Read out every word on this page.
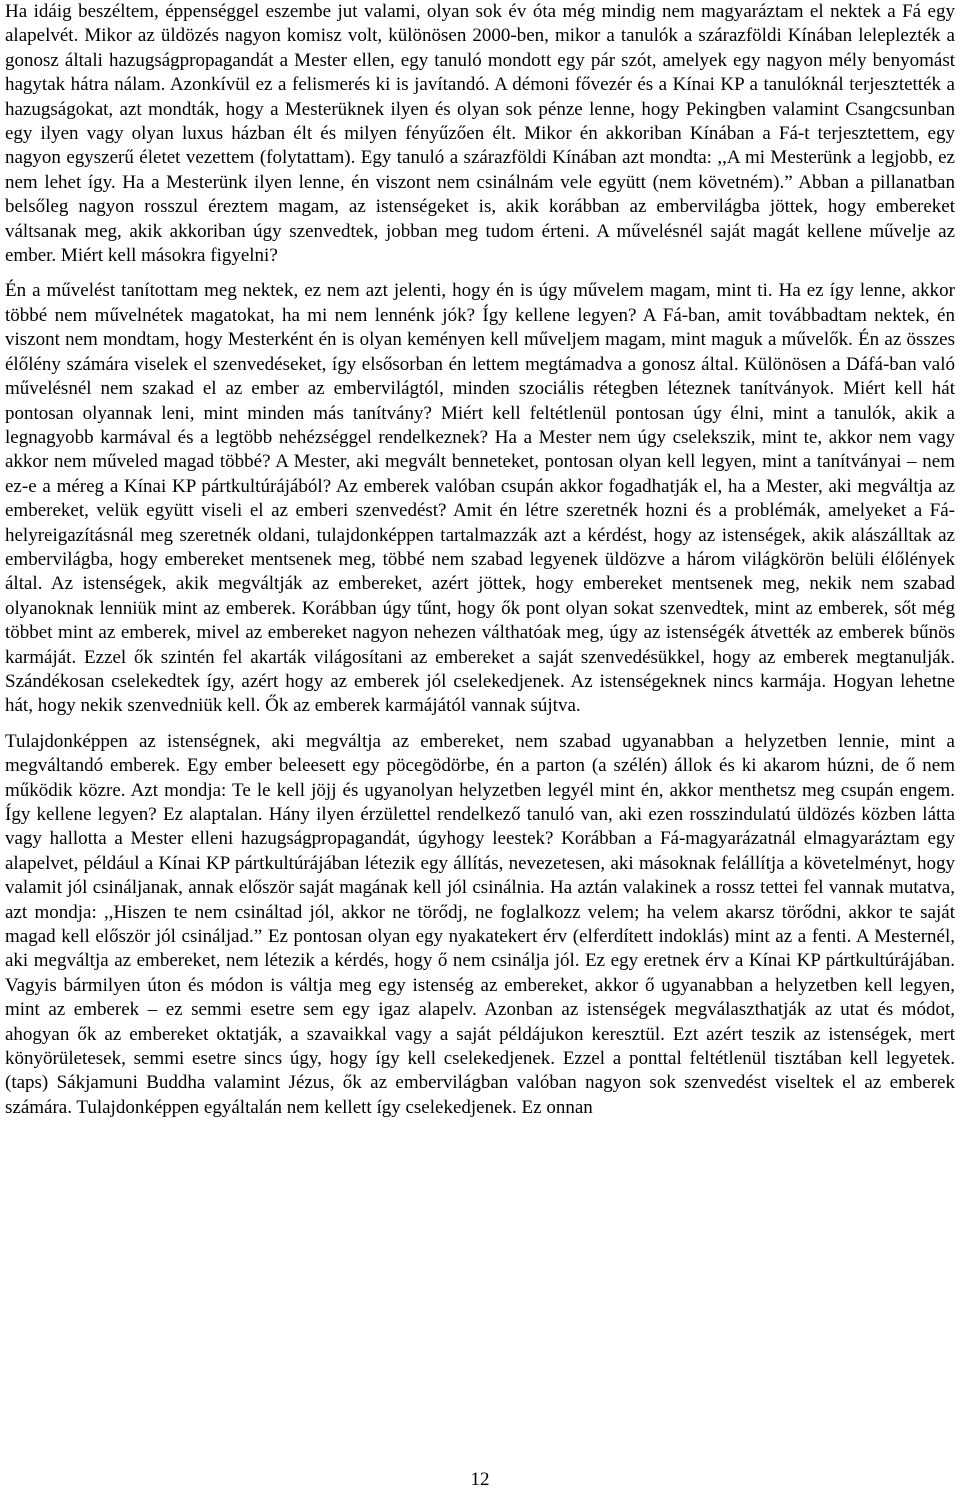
Ha idáig beszéltem, éppenséggel eszembe jut valami, olyan sok év óta még mindig nem magyaráztam el nektek a Fá egy alapelvét. Mikor az üldözés nagyon komisz volt, különösen 2000-ben, mikor a tanulók a szárazföldi Kínában leleplezték a gonosz általi hazugságpropagandát a Mester ellen, egy tanuló mondott egy pár szót, amelyek egy nagyon mély benyomást hagytak hátra nálam. Azonkívül ez a felismerés ki is javítandó. A démoni fővezér és a Kínai KP a tanulóknál terjesztették a hazugságokat, azt mondták, hogy a Mesterüknek ilyen és olyan sok pénze lenne, hogy Pekingben valamint Csangcsunban egy ilyen vagy olyan luxus házban élt és milyen fényűzően élt. Mikor én akkoriban Kínában a Fá-t terjesztettem, egy nagyon egyszerű életet vezettem (folytattam). Egy tanuló a szárazföldi Kínában azt mondta: ,,A mi Mesterünk a legjobb, ez nem lehet így. Ha a Mesterünk ilyen lenne, én viszont nem csinálnám vele együtt (nem követném).” Abban a pillanatban belsőleg nagyon rosszul éreztem magam, az istenségeket is, akik korábban az embervilágba jöttek, hogy embereket váltsanak meg, akik akkoriban úgy szenvedtek, jobban meg tudom érteni. A művelésnél saját magát kellene művelje az ember. Miért kell másokra figyelni?

Én a művelést tanítottam meg nektek, ez nem azt jelenti, hogy én is úgy művelem magam, mint ti. Ha ez így lenne, akkor többé nem művelnétek magatokat, ha mi nem lennénk jók? Így kellene legyen? A Fá-ban, amit továbbadtam nektek, én viszont nem mondtam, hogy Mesterként én is olyan keményen kell műveljem magam, mint maguk a művelők. Én az összes élőlény számára viselek el szenvedéseket, így elsősorban én lettem megtámadva a gonosz által. Különösen a Dáfá-ban való művelésnél nem szakad el az ember az embervilágtól, minden szociális rétegben léteznek tanítványok. Miért kell hát pontosan olyannak leni, mint minden más tanítvány? Miért kell feltétlenül pontosan úgy élni, mint a tanulók, akik a legnagyobb karmával és a legtöbb nehézséggel rendelkeznek? Ha a Mester nem úgy cselekszik, mint te, akkor nem vagy akkor nem műveled magad többé? A Mester, aki megvált benneteket, pontosan olyan kell legyen, mint a tanítványai – nem ez-e a méreg a Kínai KP pártkultúrájából? Az emberek valóban csupán akkor fogadhatják el, ha a Mester, aki megváltja az embereket, velük együtt viseli el az emberi szenvedést? Amit én létre szeretnék hozni és a problémák, amelyeket a Fá-helyreigazításnál meg szeretnék oldani, tulajdonképpen tartalmazzák azt a kérdést, hogy az istenségek, akik alászálltak az embervilágba, hogy embereket mentsenek meg, többé nem szabad legyenek üldözve a három világkörön belüli élőlények által. Az istenségek, akik megváltják az embereket, azért jöttek, hogy embereket mentsenek meg, nekik nem szabad olyanoknak lenniük mint az emberek. Korábban úgy tűnt, hogy ők pont olyan sokat szenvedtek, mint az emberek, sőt még többet mint az emberek, mivel az embereket nagyon nehezen válthatóak meg, úgy az istenségék átvették az emberek bűnös karmáját. Ezzel ők szintén fel akarták világosítani az embereket a saját szenvedésükkel, hogy az emberek megtanulják. Szándékosan cselekedtek így, azért hogy az emberek jól cselekedjenek. Az istenségeknek nincs karmája. Hogyan lehetne hát, hogy nekik szenvedniük kell. Ők az emberek karmájától vannak sújtva.

Tulajdonképpen az istenségnek, aki megváltja az embereket, nem szabad ugyanabban a helyzetben lennie, mint a megváltandó emberek. Egy ember beleesett egy pöcegödörbe, én a parton (a szélén) állok és ki akarom húzni, de ő nem működik közre. Azt mondja: Te le kell jöjj és ugyanolyan helyzetben legyél mint én, akkor menthetsz meg csupán engem. Így kellene legyen? Ez alaptalan. Hány ilyen érzülettel rendelkező tanuló van, aki ezen rosszindulatú üldözés közben látta vagy hallotta a Mester elleni hazugságpropagandát, úgyhogy leestek? Korábban a Fá-magyarázatnál elmagyaráztam egy alapelvet, például a Kínai KP pártkultúrájában létezik egy állítás, nevezetesen, aki másoknak felállítja a követelményt, hogy valamit jól csináljanak, annak először saját magának kell jól csinálnia. Ha aztán valakinek a rossz tettei fel vannak mutatva, azt mondja: ,,Hiszen te nem csináltad jól, akkor ne törődj, ne foglalkozz velem; ha velem akarsz törődni, akkor te saját magad kell először jól csináljad.” Ez pontosan olyan egy nyakatekert érv (elferdített indoklás) mint az a fenti. A Mesternél, aki megváltja az embereket, nem létezik a kérdés, hogy ő nem csinálja jól. Ez egy eretnek érv a Kínai KP pártkultúrájában. Vagyis bármilyen úton és módon is váltja meg egy istenség az embereket, akkor ő ugyanabban a helyzetben kell legyen, mint az emberek – ez semmi esetre sem egy igaz alapelv. Azonban az istenségek megválaszthatják az utat és módot, ahogyan ők az embereket oktatják, a szavaikkal vagy a saját példájukon keresztül. Ezt azért teszik az istenségek, mert könyörületesek, semmi esetre sincs úgy, hogy így kell cselekedjenek. Ezzel a ponttal feltétlenül tisztában kell legyetek. (taps) Sákjamuni Buddha valamint Jézus, ők az embervilágban valóban nagyon sok szenvedést viseltek el az emberek számára. Tulajdonképpen egyáltalán nem kellett így cselekedjenek. Ez onnan

12
